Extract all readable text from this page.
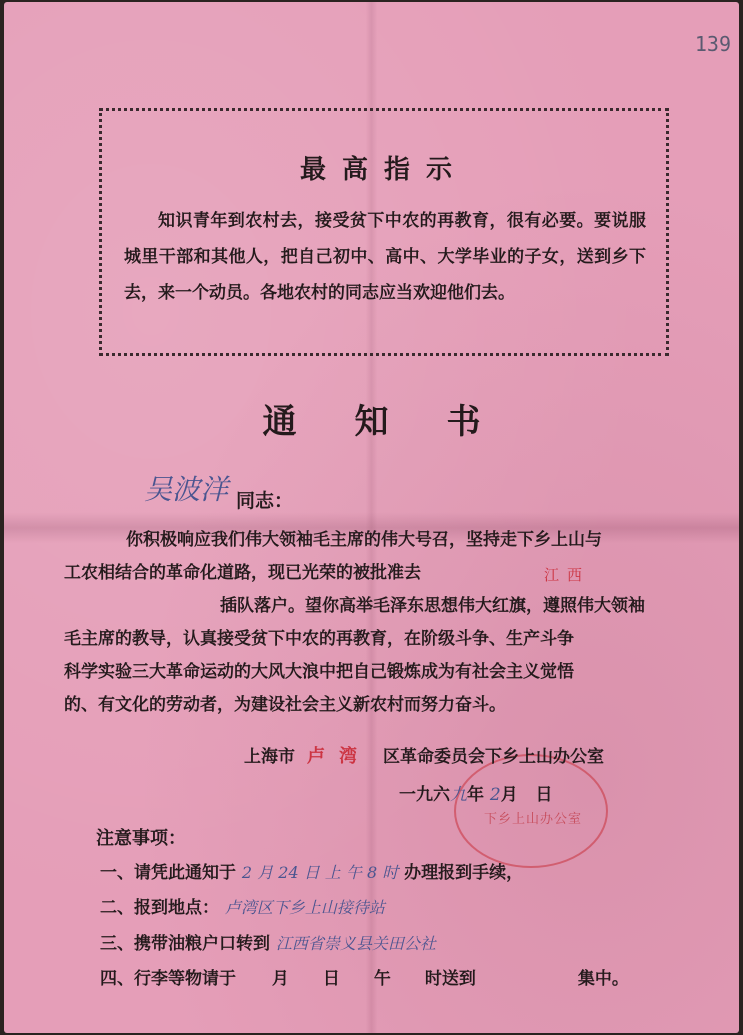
139
最高指示
知识青年到农村去，接受贫下中农的再教育，很有必要。要说服城里干部和其他人，把自己初中、高中、大学毕业的子女，送到乡下去，来一个动员。各地农村的同志应当欢迎他们去。
通知书
吴波洋 同志：
你积极响应我们伟大领袖毛主席的伟大号召，坚持走下乡上山与
工农相结合的革命化道路，现已光荣的被批准去
插队落户。望你高举毛泽东思想伟大红旗，遵照伟大领袖
毛主席的教导，认真接受贫下中农的再教育，在阶级斗争、生产斗争
科学实验三大革命运动的大风大浪中把自己锻炼成为有社会主义觉悟
的、有文化的劳动者，为建设社会主义新农村而努力奋斗。
江西
下乡上山办公室
上海市 卢湾 区革命委员会下乡上山办公室
一九六九年 2月 日
注意事项：
一、请凭此通知于 2 月 24 日 上 午 8 时 办理报到手续，
二、报到地点： 卢湾区下乡上山接待站
三、携带油粮户口转到 江西省崇义县关田公社
四、行李等物请于 月　　日　　午　　时送到　　　　　　集中。
